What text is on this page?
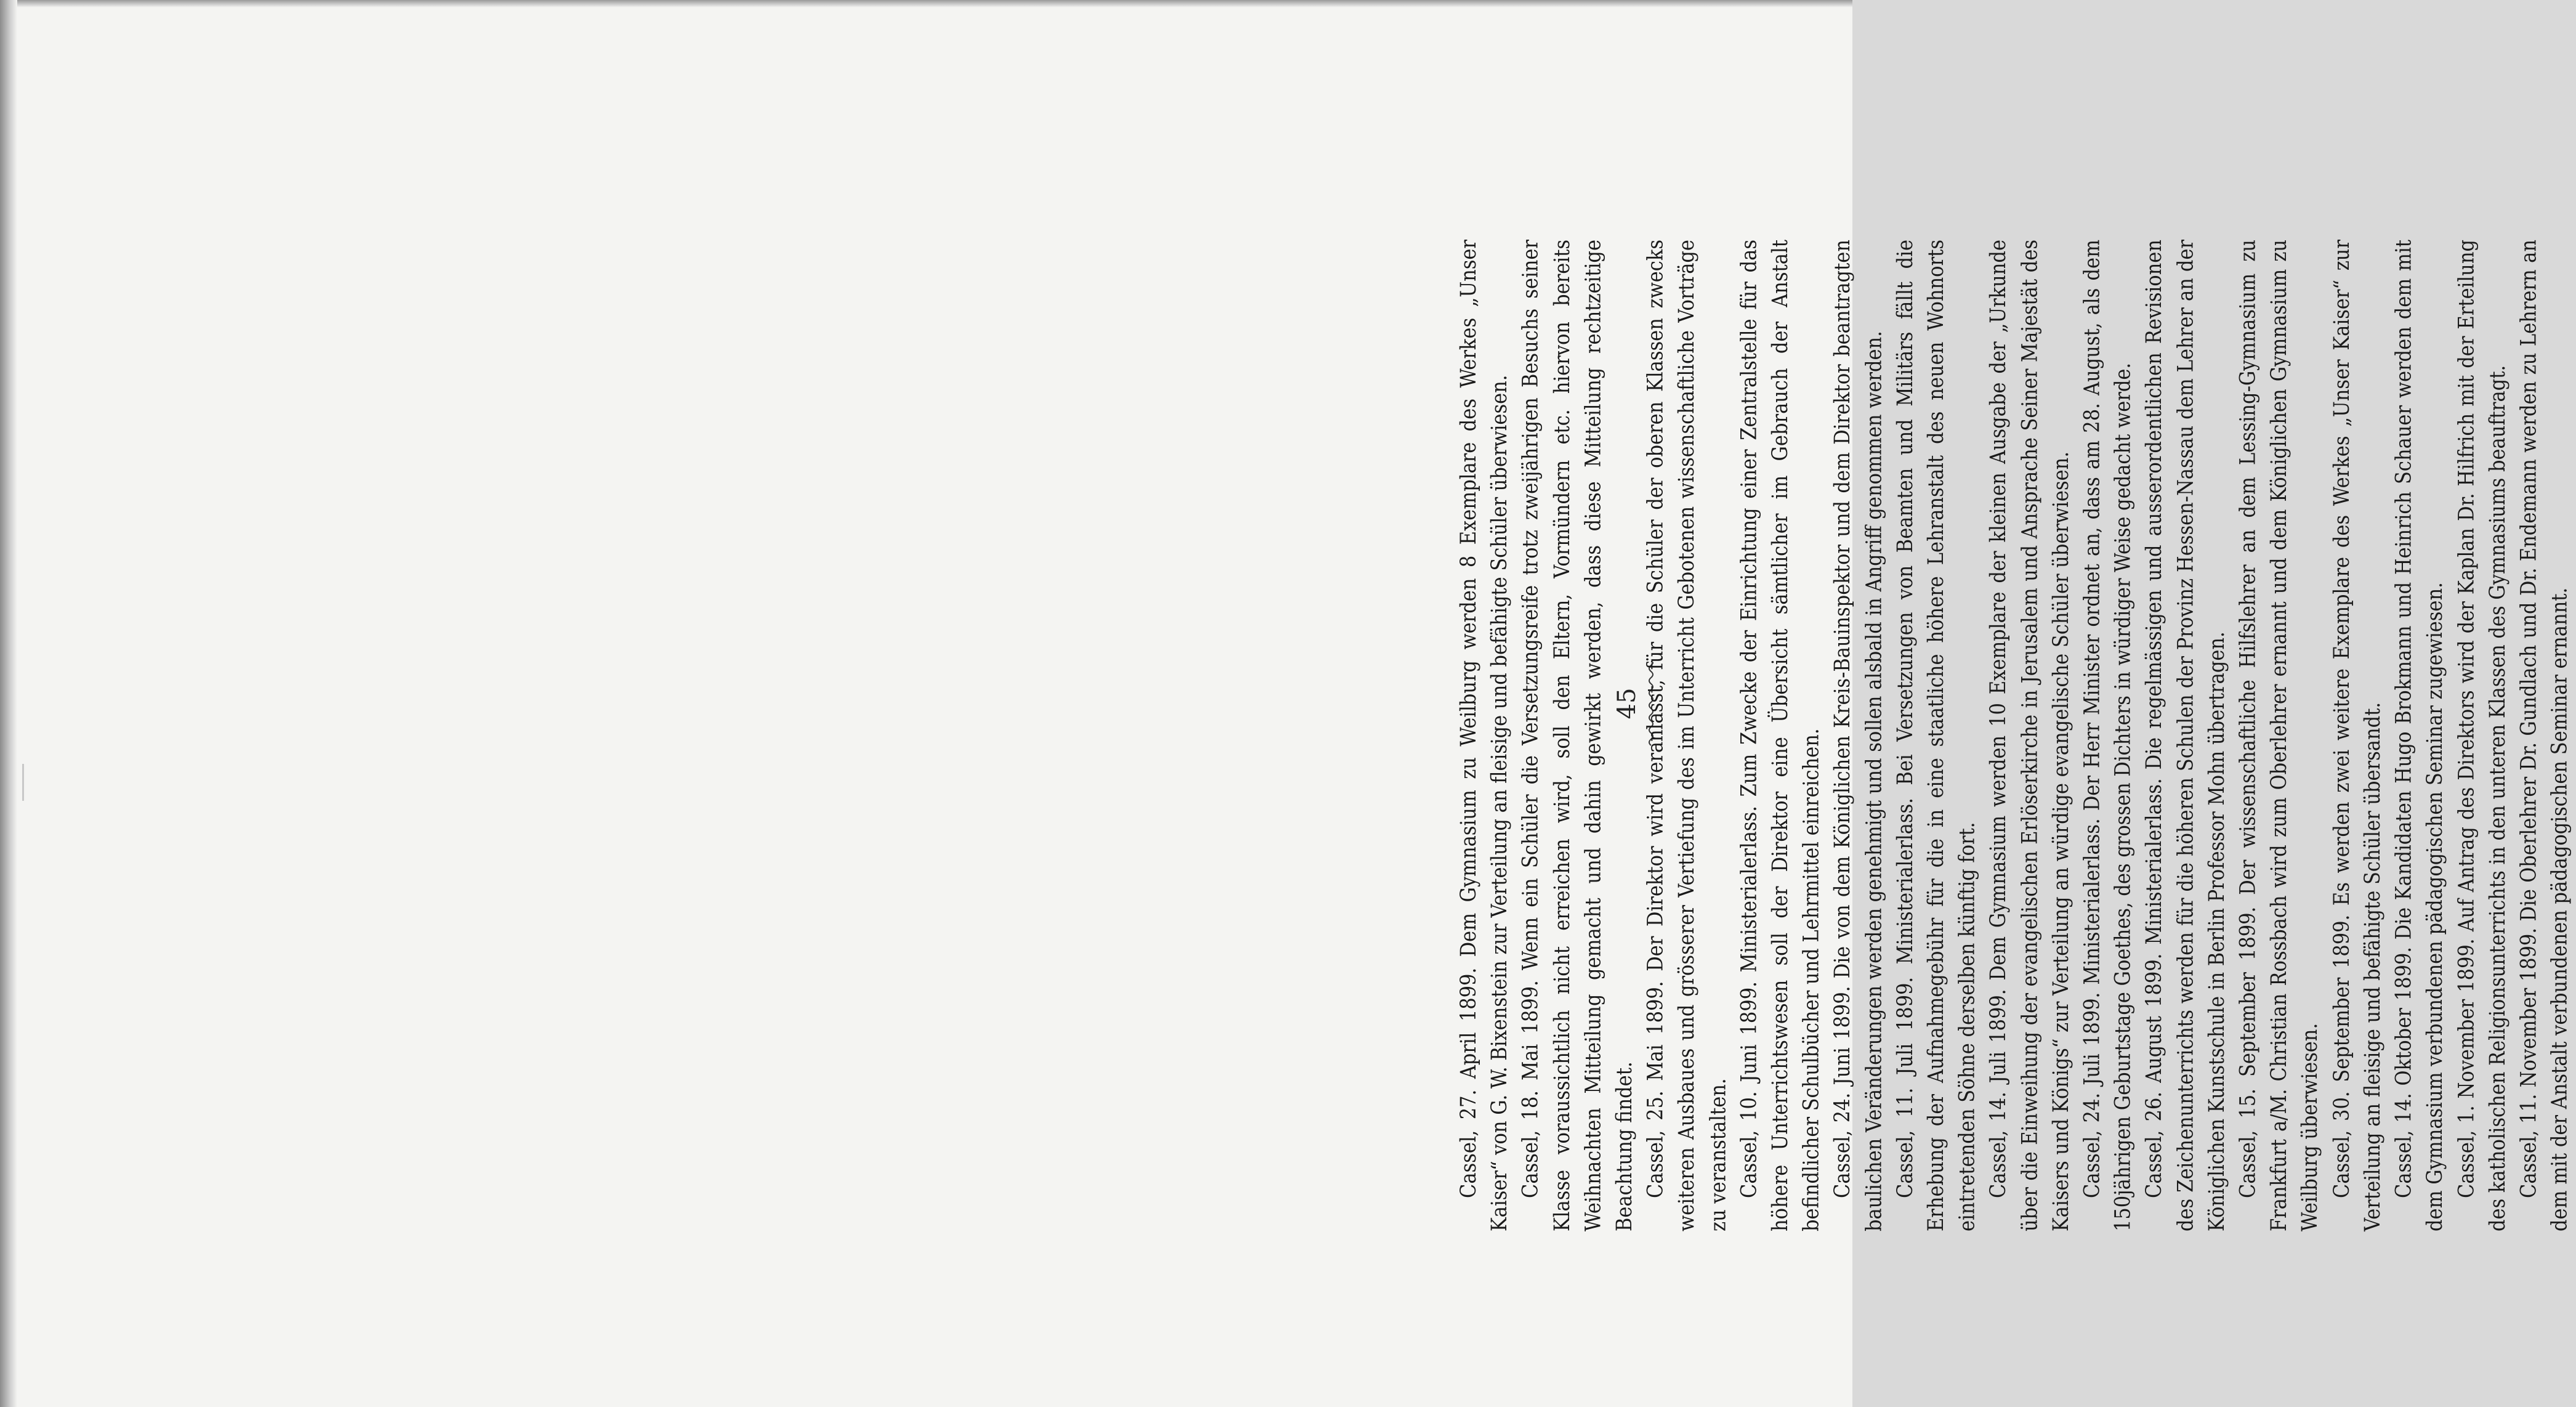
45

Cassel, 27. April 1899. Dem Gymnasium zu Weilburg werden 8 Exemplare des Werkes „Unser Kaiser“ von G. W. Bixenstein zur Verteilung an fleisige und befähigte Schüler überwiesen. Cassel, 18. Mai 1899. Wenn ein Schüler die Versetzungsreife trotz zweijährigen Besuchs seiner Klasse voraussichtlich nicht erreichen wird, soll den Eltern, Vormündern etc. hiervon bereits Weihnachten Mitteilung gemacht und dahin gewirkt werden, dass diese Mitteilung rechtzeitige Beachtung findet. Cassel, 25. Mai 1899. Der Direktor wird veranlasst, für die Schüler der oberen Klassen zwecks weiteren Ausbaues und grösserer Vertiefung des im Unterricht Gebotenen wissenschaftliche Vorträge zu veranstalten. Cassel, 10. Juni 1899. Ministerialerlass. Zum Zwecke der Einrichtung einer Zentralstelle für das höhere Unterrichtswesen soll der Direktor eine Übersicht sämtlicher im Gebrauch der Anstalt befindlicher Schulbücher und Lehrmittel einreichen. Cassel, 24. Juni 1899. Die von dem Königlichen Kreis-Bauinspektor und dem Direktor beantragten baulichen Veränderungen werden genehmigt und sollen alsbald in Angriff genommen werden. Cassel, 11. Juli 1899. Ministerialerlass. Bei Versetzungen von Beamten und Militärs fällt die Erhebung der Aufnahmegebühr für die in eine staatliche höhere Lehranstalt des neuen Wohnorts eintretenden Söhne derselben künftig fort. Cassel, 14. Juli 1899. Dem Gymnasium werden 10 Exemplare der kleinen Ausgabe der „Urkunde über die Einweihung der evangelischen Erlöserkirche in Jerusalem und Ansprache Seiner Majestät des Kaisers und Königs“ zur Verteilung an würdige evangelische Schüler überwiesen. Cassel, 24. Juli 1899. Ministerialerlass. Der Herr Minister ordnet an, dass am 28. August, als dem 150jährigen Geburtstage Goethes, des grossen Dichters in würdiger Weise gedacht werde. Cassel, 26. August 1899. Ministerialerlass. Die regelmässigen und ausserordentlichen Revisionen des Zeichenunterrichts werden für die höheren Schulen der Provinz Hessen-Nassau dem Lehrer an der Königlichen Kunstschule in Berlin Professor Mohn übertragen. Cassel, 15. September 1899. Der wissenschaftliche Hilfslehrer an dem Lessing-Gymnasium zu Frankfurt a/M. Christian Rossbach wird zum Oberlehrer ernannt und dem Königlichen Gymnasium zu Weilburg überwiesen. Cassel, 30. September 1899. Es werden zwei weitere Exemplare des Werkes „Unser Kaiser“ zur Verteilung an fleisige und befähigte Schüler übersandt. Cassel, 14. Oktober 1899. Die Kandidaten Hugo Brokmann und Heinrich Schauer werden dem mit dem Gymnasium verbundenen pädagogischen Seminar zugewiesen. Cassel, 1. November 1899. Auf Antrag des Direktors wird der Kaplan Dr. Hilfrich mit der Erteilung des katholischen Religionsunterrichts in den unteren Klassen des Gymnasiums beauftragt. Cassel, 11. November 1899. Die Oberlehrer Dr. Gundlach und Dr. Endemann werden zu Lehrern an dem mit der Anstalt verbundenen pädagogischen Seminar ernannt.
